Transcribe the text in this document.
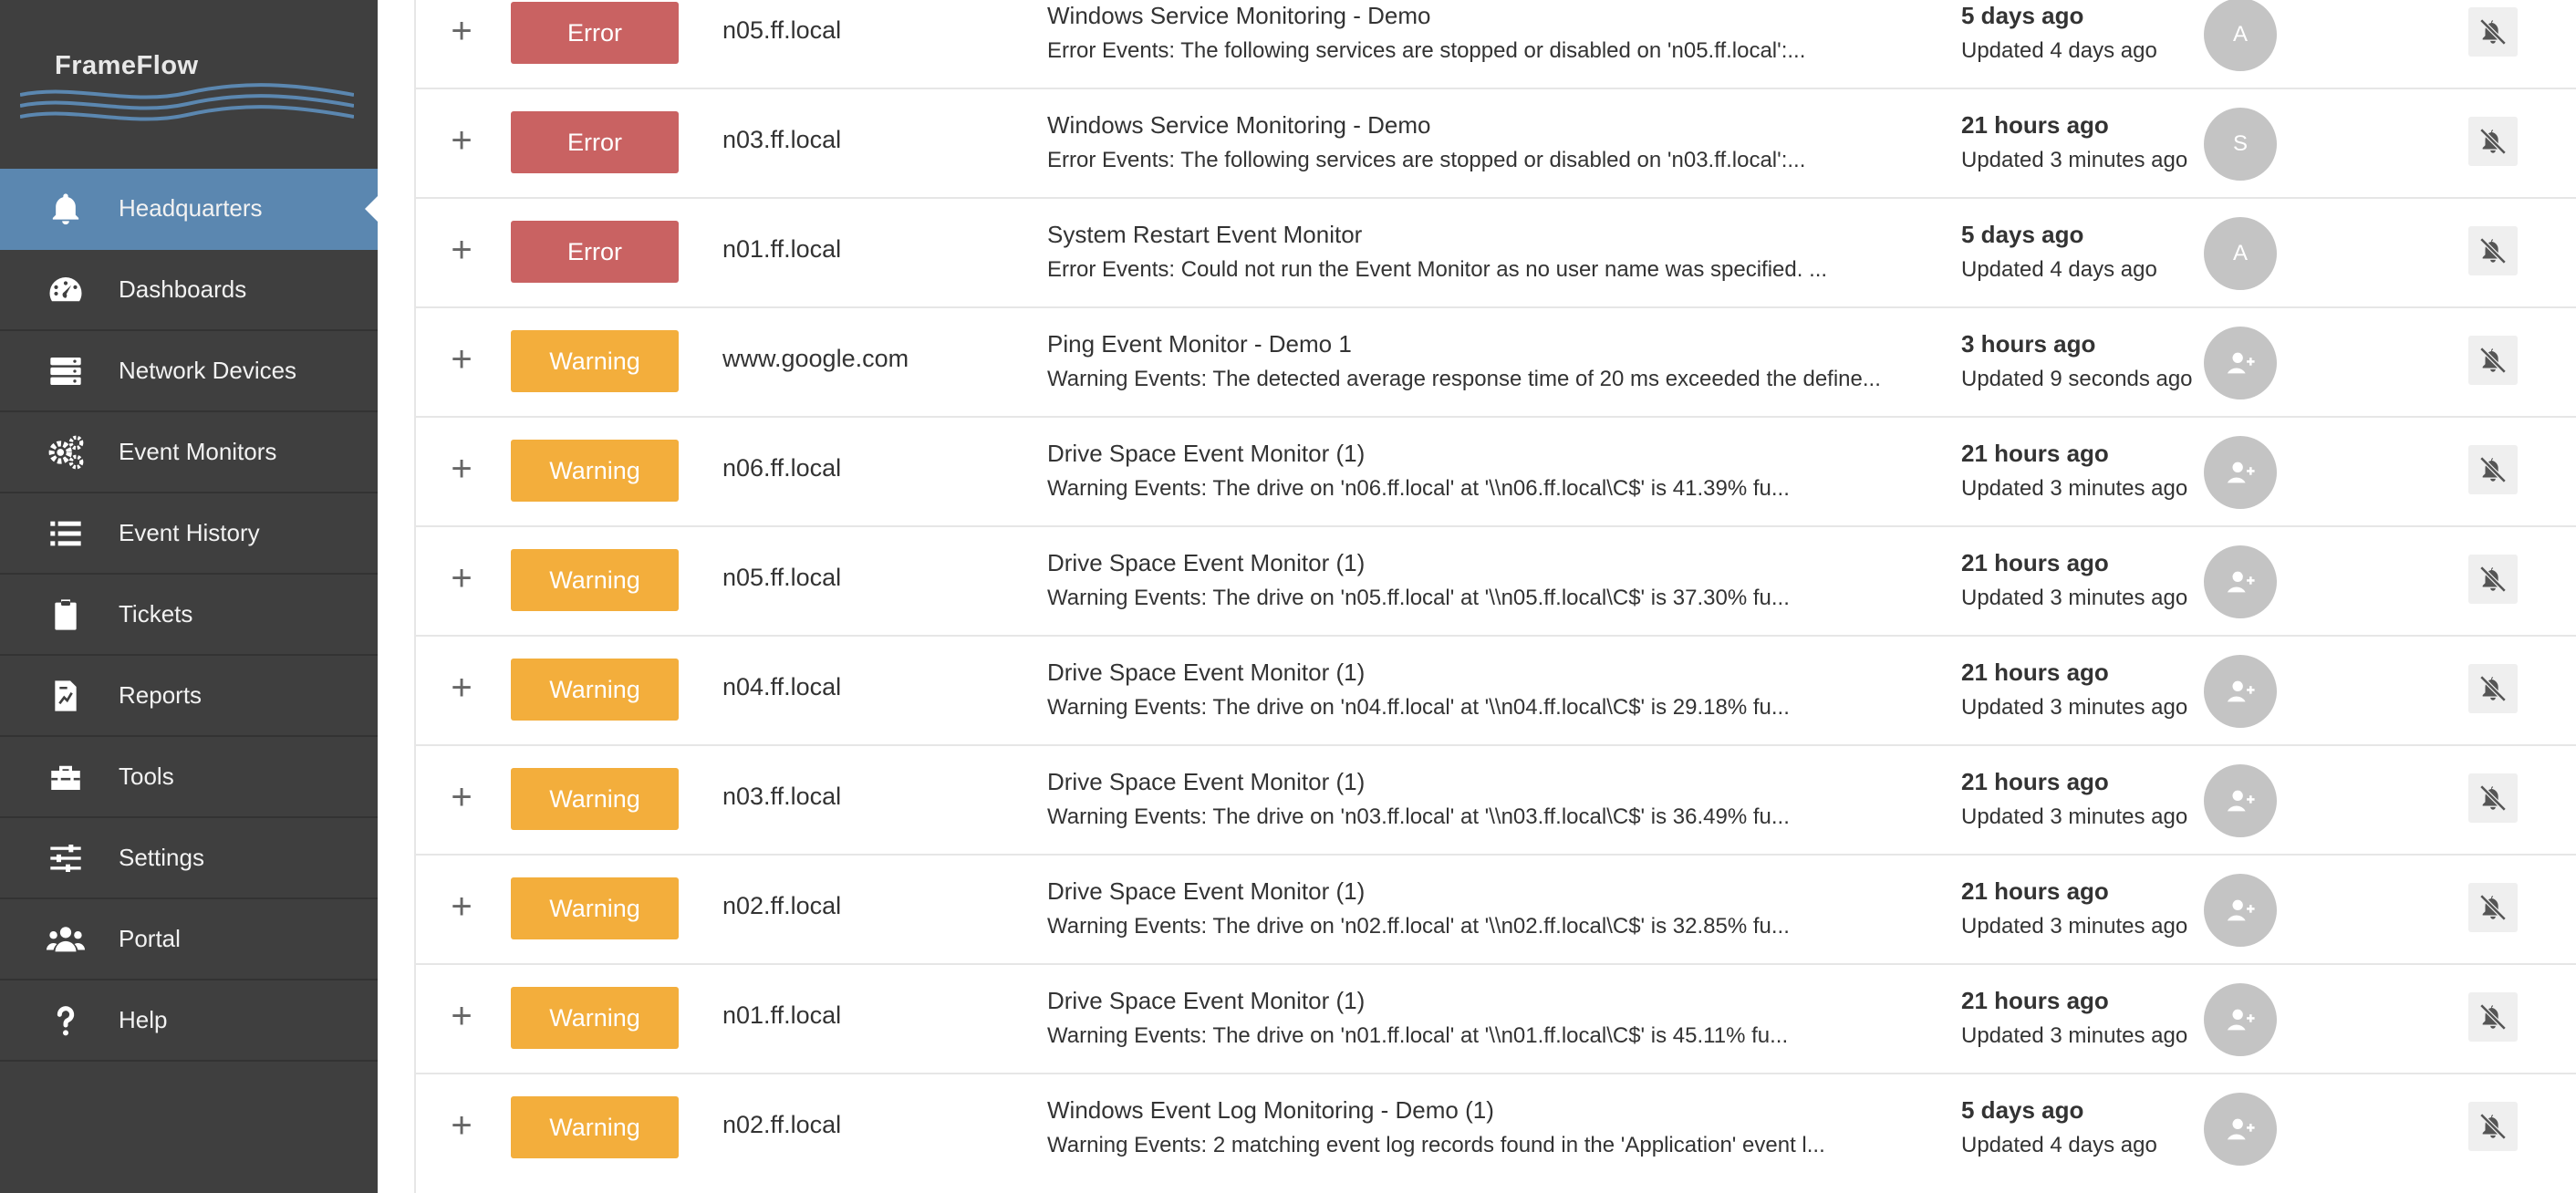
FrameFlow
Headquarters
Dashboards
Network Devices
Event Monitors
Event History
Tickets
Reports
Tools
Settings
Portal
Help
+	Error	n05.ff.local
Windows Service Monitoring - Demo
Error Events: The following services are stopped or disabled on 'n05.ff.local':...
5 days ago
Updated 4 days ago
A
+	Error	n03.ff.local
Windows Service Monitoring - Demo
Error Events: The following services are stopped or disabled on 'n03.ff.local':...
21 hours ago
Updated 3 minutes ago
S
+	Error	n01.ff.local
System Restart Event Monitor
Error Events: Could not run the Event Monitor as no user name was specified. ...
5 days ago
Updated 4 days ago
A
+	Warning	www.google.com
Ping Event Monitor - Demo 1
Warning Events: The detected average response time of 20 ms exceeded the define...
3 hours ago
Updated 9 seconds ago
+	Warning	n06.ff.local
Drive Space Event Monitor (1)
Warning Events: The drive on 'n06.ff.local' at '\\n06.ff.local\C$' is 41.39% fu...
21 hours ago
Updated 3 minutes ago
+	Warning	n05.ff.local
Drive Space Event Monitor (1)
Warning Events: The drive on 'n05.ff.local' at '\\n05.ff.local\C$' is 37.30% fu...
21 hours ago
Updated 3 minutes ago
+	Warning	n04.ff.local
Drive Space Event Monitor (1)
Warning Events: The drive on 'n04.ff.local' at '\\n04.ff.local\C$' is 29.18% fu...
21 hours ago
Updated 3 minutes ago
+	Warning	n03.ff.local
Drive Space Event Monitor (1)
Warning Events: The drive on 'n03.ff.local' at '\\n03.ff.local\C$' is 36.49% fu...
21 hours ago
Updated 3 minutes ago
+	Warning	n02.ff.local
Drive Space Event Monitor (1)
Warning Events: The drive on 'n02.ff.local' at '\\n02.ff.local\C$' is 32.85% fu...
21 hours ago
Updated 3 minutes ago
+	Warning	n01.ff.local
Drive Space Event Monitor (1)
Warning Events: The drive on 'n01.ff.local' at '\\n01.ff.local\C$' is 45.11% fu...
21 hours ago
Updated 3 minutes ago
+	Warning	n02.ff.local
Windows Event Log Monitoring - Demo (1)
Warning Events: 2 matching event log records found in the 'Application' event l...
5 days ago
Updated 4 days ago
